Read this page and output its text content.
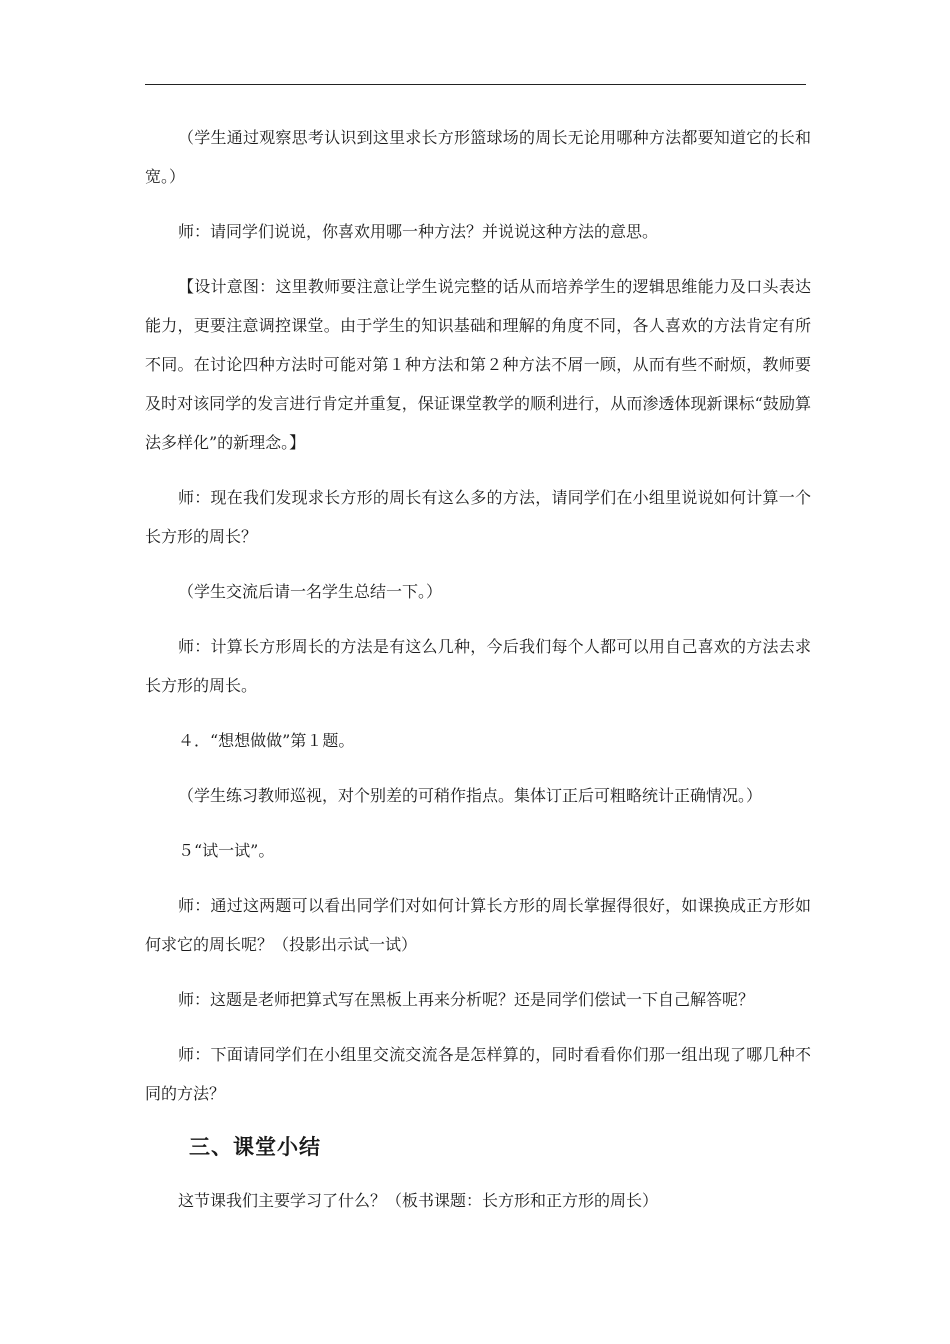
（学生通过观察思考认识到这里求长方形篮球场的周长无论用哪种方法都要知道它的长和宽。）

师：请同学们说说，你喜欢用哪一种方法？并说说这种方法的意思。

【设计意图：这里教师要注意让学生说完整的话从而培养学生的逻辑思维能力及口头表达能力，更要注意调控课堂。由于学生的知识基础和理解的角度不同，各人喜欢的方法肯定有所不同。在讨论四种方法时可能对第１种方法和第２种方法不屑一顾，从而有些不耐烦，教师要及时对该同学的发言进行肯定并重复，保证课堂教学的顺利进行，从而渗透体现新课标“鼓励算法多样化”的新理念。】

师：现在我们发现求长方形的周长有这么多的方法，请同学们在小组里说说如何计算一个长方形的周长？

（学生交流后请一名学生总结一下。）

师：计算长方形周长的方法是有这么几种，今后我们每个人都可以用自己喜欢的方法去求长方形的周长。

４．“想想做做”第１题。

（学生练习教师巡视，对个别差的可稍作指点。集体订正后可粗略统计正确情况。）

５“试一试”。

师：通过这两题可以看出同学们对如何计算长方形的周长掌握得很好，如课换成正方形如何求它的周长呢？（投影出示试一试）

师：这题是老师把算式写在黑板上再来分析呢？还是同学们偿试一下自己解答呢？

师：下面请同学们在小组里交流交流各是怎样算的，同时看看你们那一组出现了哪几种不同的方法？

三、课堂小结

这节课我们主要学习了什么？（板书课题：长方形和正方形的周长）
